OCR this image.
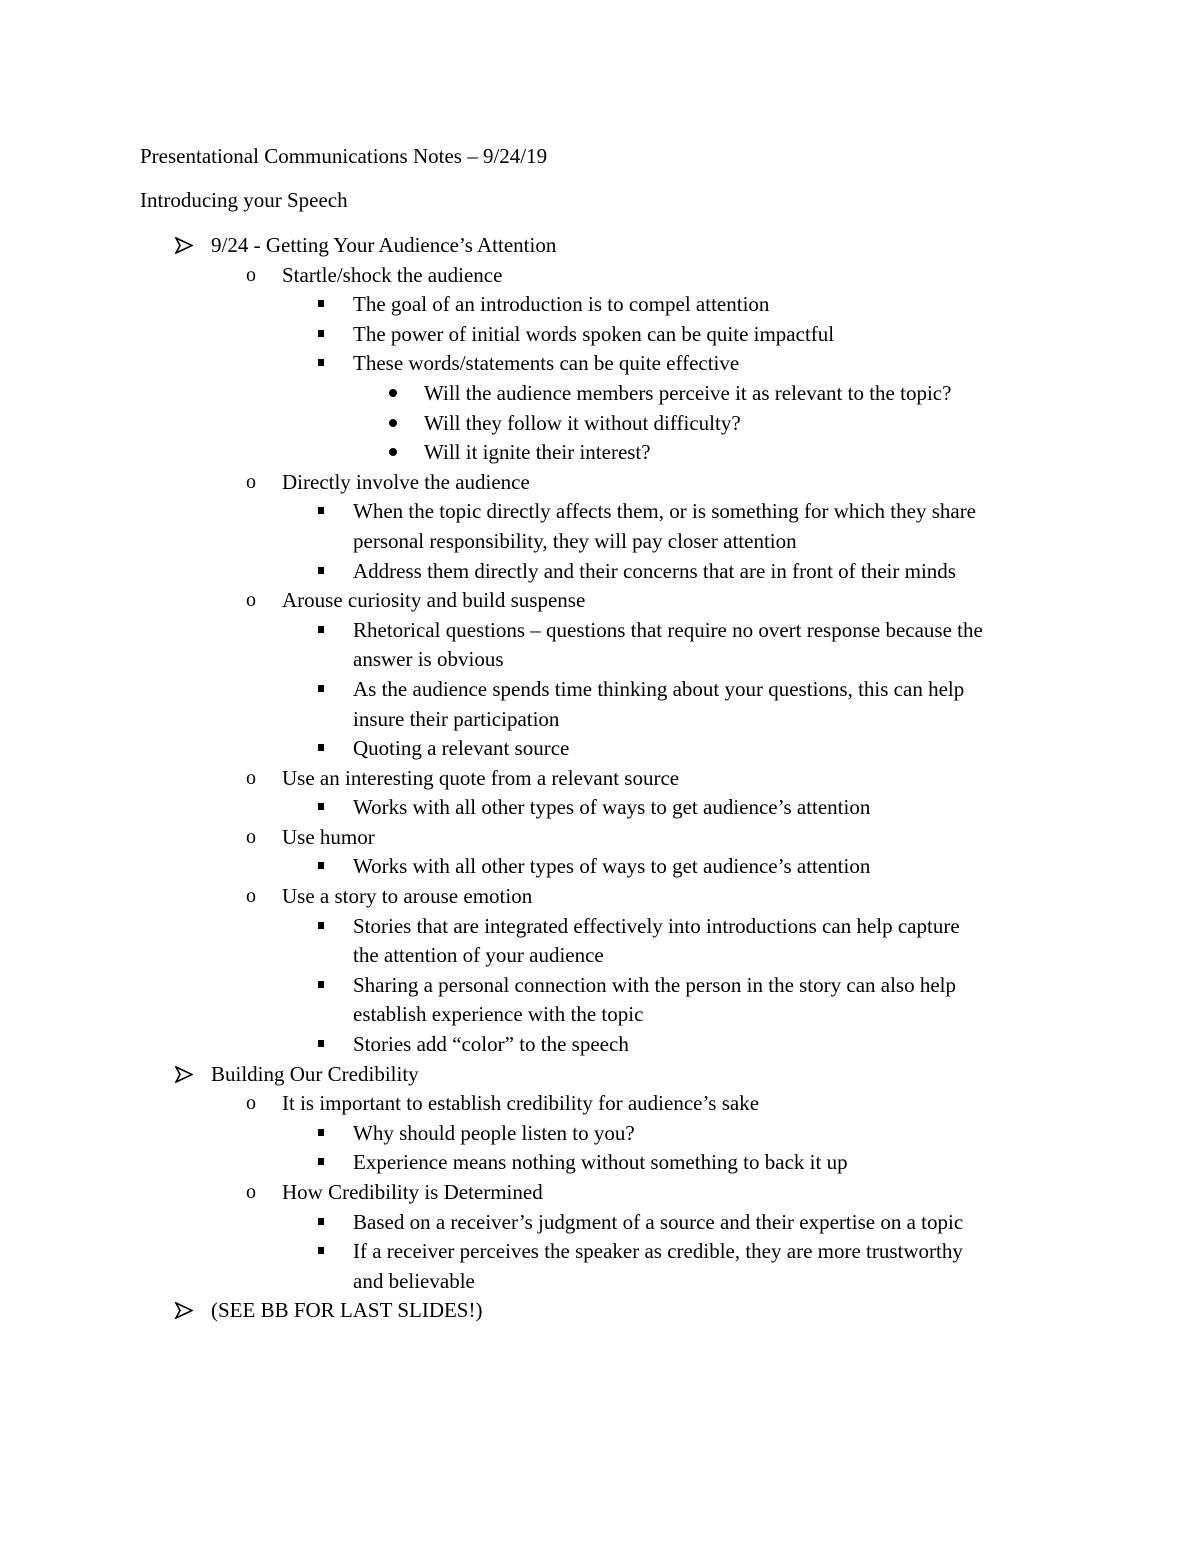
Presentational Communications Notes – 9/24/19
Introducing your Speech
9/24 - Getting Your Audience’s Attention
o Startle/shock the audience
The goal of an introduction is to compel attention
The power of initial words spoken can be quite impactful
These words/statements can be quite effective
Will the audience members perceive it as relevant to the topic?
Will they follow it without difficulty?
Will it ignite their interest?
o Directly involve the audience
When the topic directly affects them, or is something for which they share
personal responsibility, they will pay closer attention
Address them directly and their concerns that are in front of their minds
o Arouse curiosity and build suspense
Rhetorical questions – questions that require no overt response because the
answer is obvious
As the audience spends time thinking about your questions, this can help
insure their participation
Quoting a relevant source
o Use an interesting quote from a relevant source
Works with all other types of ways to get audience’s attention
o Use humor
Works with all other types of ways to get audience’s attention
o Use a story to arouse emotion
Stories that are integrated effectively into introductions can help capture
the attention of your audience
Sharing a personal connection with the person in the story can also help
establish experience with the topic
Stories add “color” to the speech
Building Our Credibility
o It is important to establish credibility for audience’s sake
Why should people listen to you?
Experience means nothing without something to back it up
o How Credibility is Determined
Based on a receiver’s judgment of a source and their expertise on a topic
If a receiver perceives the speaker as credible, they are more trustworthy
and believable
(SEE BB FOR LAST SLIDES!)
